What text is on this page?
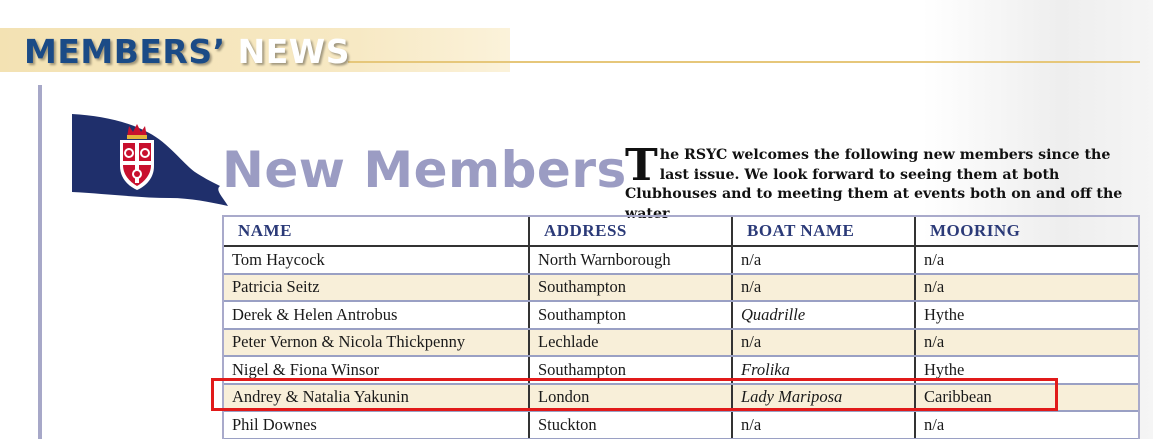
MEMBERS’ NEWS
New Members

The RSYC welcomes the following new members since the last issue. We look forward to seeing them at both Clubhouses and to meeting them at events both on and off the water

NAME	ADDRESS	BOAT NAME	MOORING
Tom Haycock	North Warnborough	n/a	n/a
Patricia Seitz	Southampton	n/a	n/a
Derek & Helen Antrobus	Southampton	Quadrille	Hythe
Peter Vernon & Nicola Thickpenny	Lechlade	n/a	n/a
Nigel & Fiona Winsor	Southampton	Frolika	Hythe
Andrey & Natalia Yakunin	London	Lady Mariposa	Caribbean
Phil Downes	Stuckton	n/a	n/a
